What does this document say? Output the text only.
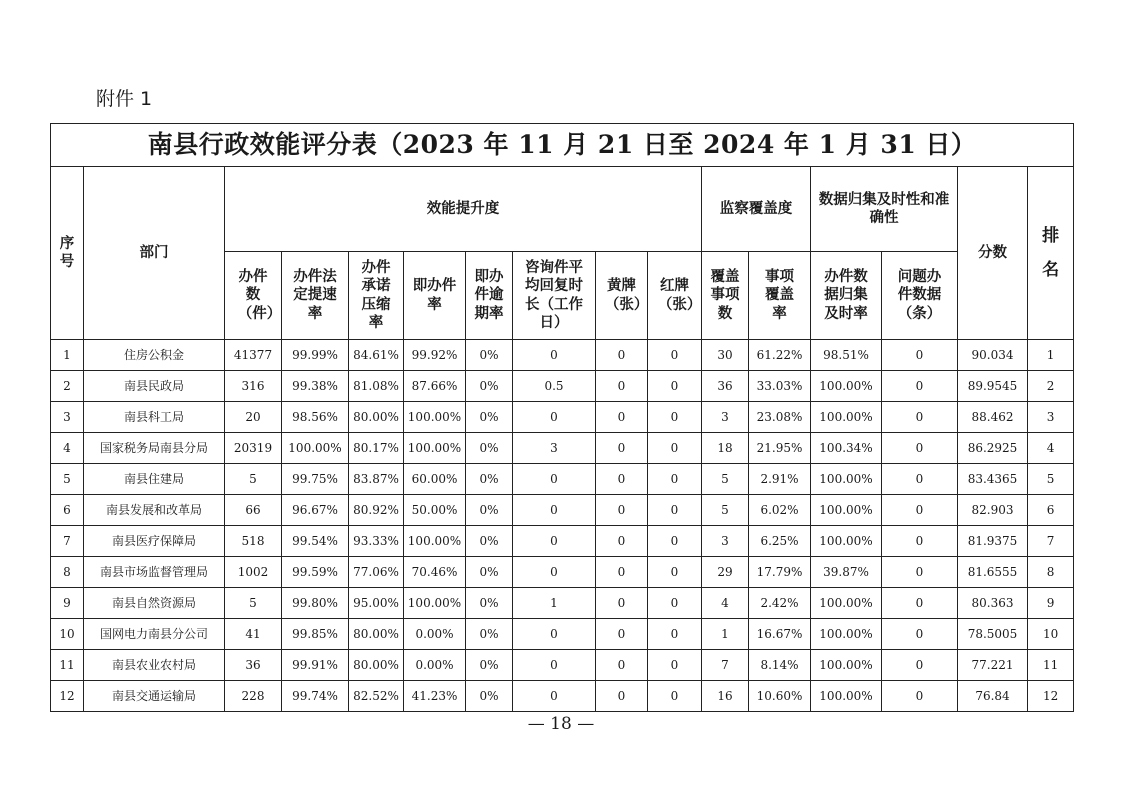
附件 1
南县行政效能评分表（2023 年 11 月 21 日至 2024 年 1 月 31 日）															

序号	部门	效能提升度								监察覆盖度		数据归集及时性和准确性		分数	排名

		办件数（件）	办件法定提速率	办件承诺压缩率	即办件率	即办件逾期率	咨询件平均回复时长（工作日）	黄牌（张）	红牌（张）	覆盖事项数	事项覆盖率	办件数据归集及时率	问题办件数据（条）		

1	住房公积金	41377	99.99%	84.61%	99.92%	0%	0	0	0	30	61.22%	98.51%	0	90.034	1
2	南县民政局	316	99.38%	81.08%	87.66%	0%	0.5	0	0	36	33.03%	100.00%	0	89.9545	2
3	南县科工局	20	98.56%	80.00%	100.00%	0%	0	0	0	3	23.08%	100.00%	0	88.462	3
4	国家税务局南县分局	20319	100.00%	80.17%	100.00%	0%	3	0	0	18	21.95%	100.34%	0	86.2925	4
5	南县住建局	5	99.75%	83.87%	60.00%	0%	0	0	0	5	2.91%	100.00%	0	83.4365	5
6	南县发展和改革局	66	96.67%	80.92%	50.00%	0%	0	0	0	5	6.02%	100.00%	0	82.903	6
7	南县医疗保障局	518	99.54%	93.33%	100.00%	0%	0	0	0	3	6.25%	100.00%	0	81.9375	7
8	南县市场监督管理局	1002	99.59%	77.06%	70.46%	0%	0	0	0	29	17.79%	39.87%	0	81.6555	8
9	南县自然资源局	5	99.80%	95.00%	100.00%	0%	1	0	0	4	2.42%	100.00%	0	80.363	9
10	国网电力南县分公司	41	99.85%	80.00%	0.00%	0%	0	0	0	1	16.67%	100.00%	0	78.5005	10
11	南县农业农村局	36	99.91%	80.00%	0.00%	0%	0	0	0	7	8.14%	100.00%	0	77.221	11
12	南县交通运输局	228	99.74%	82.52%	41.23%	0%	0	0	0	16	10.60%	100.00%	0	76.84	12
— 18 —
